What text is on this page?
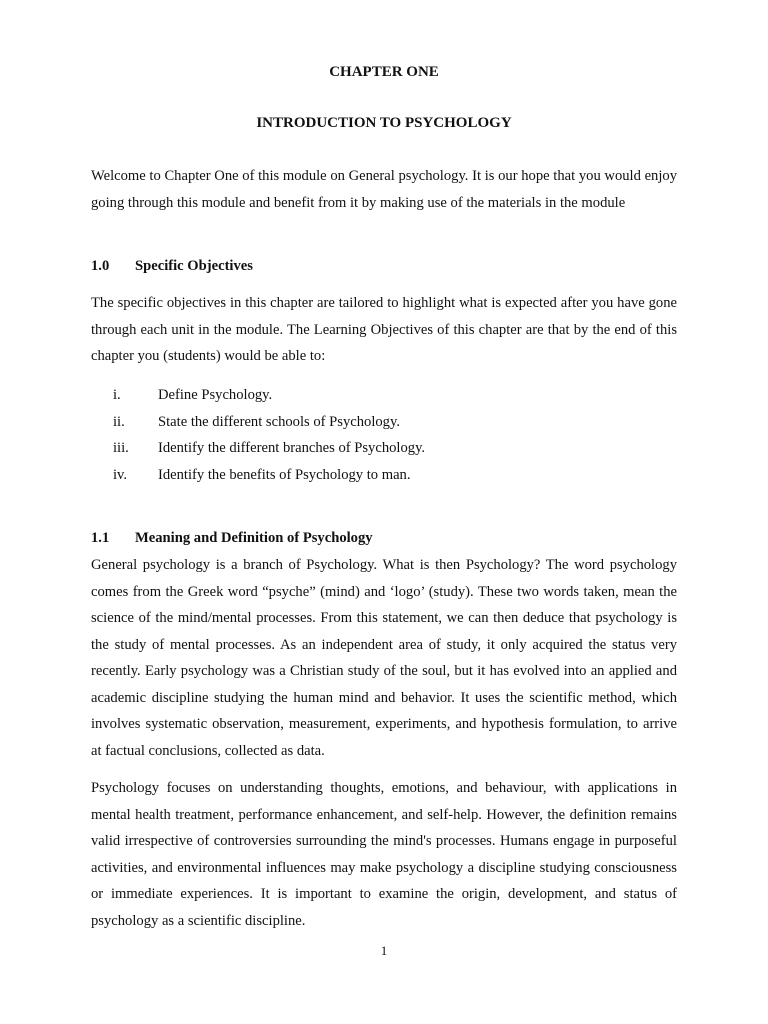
CHAPTER ONE
INTRODUCTION TO PSYCHOLOGY

Welcome to Chapter One of this module on General psychology. It is our hope that you would enjoy going through this module and benefit from it by making use of the materials in the module

1.0 Specific Objectives

The specific objectives in this chapter are tailored to highlight what is expected after you have gone through each unit in the module. The Learning Objectives of this chapter are that by the end of this chapter you (students) would be able to:

i.	Define Psychology.
ii. State the different schools of Psychology.
iii. Identify the different branches of Psychology.
iv. Identify the benefits of Psychology to man.
1.1 Meaning and Definition of Psychology

General psychology is a branch of Psychology. What is then Psychology? The word psychology comes from the Greek word “psyche” (mind) and ‘logo’ (study). These two words taken, mean the science of the mind/mental processes. From this statement, we can then deduce that psychology is the study of mental processes. As an independent area of study, it only acquired the status very recently. Early psychology was a Christian study of the soul, but it has evolved into an applied and academic discipline studying the human mind and behavior. It uses the scientific method, which involves systematic observation, measurement, experiments, and hypothesis formulation, to arrive at factual conclusions, collected as data.

Psychology focuses on understanding thoughts, emotions, and behaviour, with applications in mental health treatment, performance enhancement, and self-help. However, the definition remains valid irrespective of controversies surrounding the mind's processes. Humans engage in purposeful activities, and environmental influences may make psychology a discipline studying consciousness or immediate experiences. It is important to examine the origin, development, and status of psychology as a scientific discipline.

1
